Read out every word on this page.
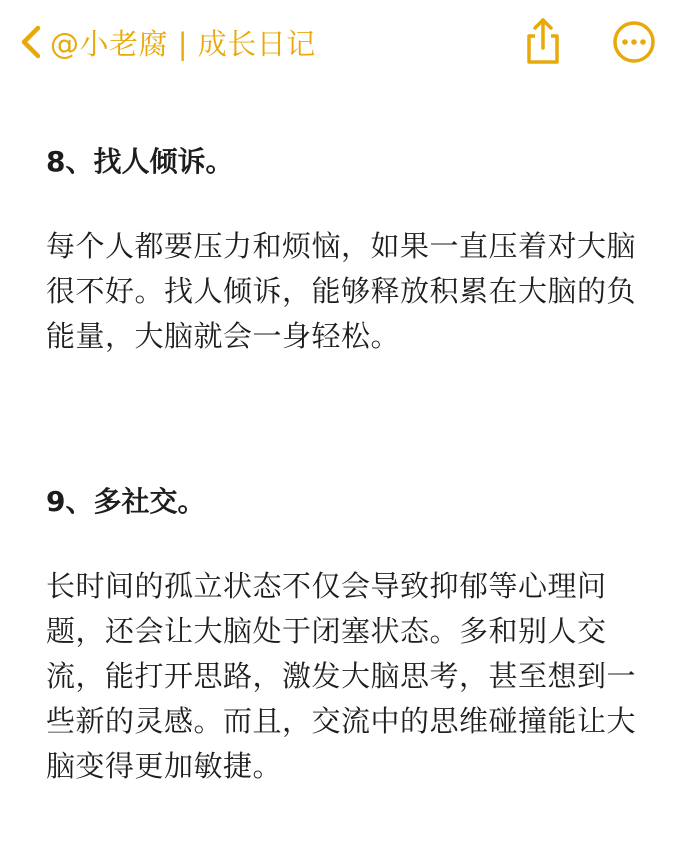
@小老腐 | 成长日记
8、找人倾诉。

每个人都要压力和烦恼，如果一直压着对大脑很不好。找人倾诉，能够释放积累在大脑的负能量，大脑就会一身轻松。

9、多社交。

长时间的孤立状态不仅会导致抑郁等心理问题，还会让大脑处于闭塞状态。多和别人交流，能打开思路，激发大脑思考，甚至想到一些新的灵感。而且，交流中的思维碰撞能让大脑变得更加敏捷。
